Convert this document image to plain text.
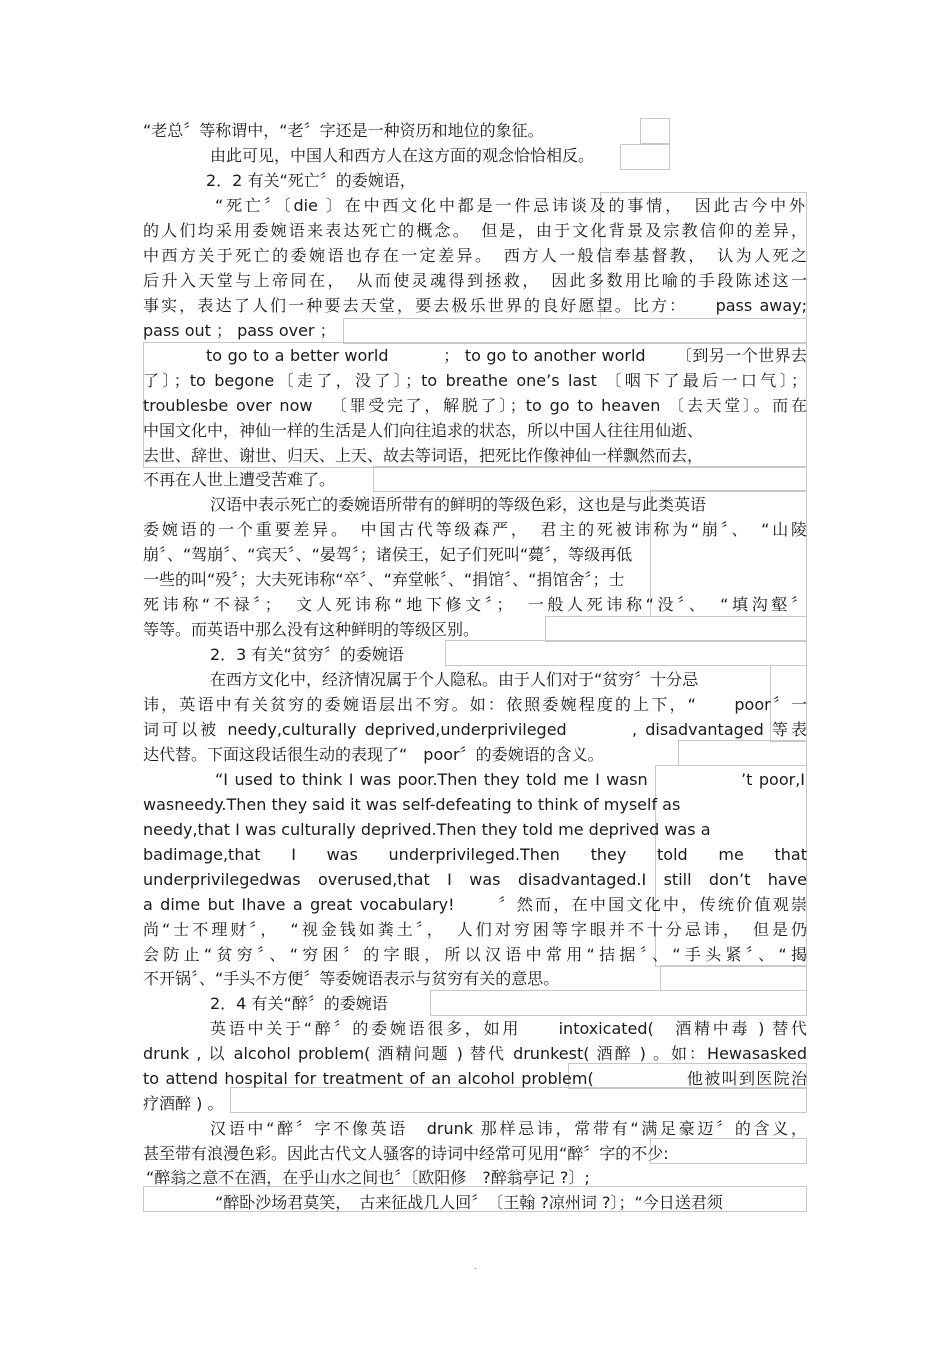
“老总〞等称谓中，“老〞字还是一种资历和地位的象征。
由此可见，中国人和西方人在这方面的观念恰恰相反。
2．2 有关“死亡〞的委婉语，
“死亡〞〔die 〕在中西文化中都是一件忌讳谈及的事情，　因此古今中外
的人们均采用委婉语来表达死亡的概念。　但是，由于文化背景及宗教信仰的差异，
中西方关于死亡的委婉语也存在一定差异。　西方人一般信奉基督教，　认为人死之
后升入天堂与上帝同在，　从而使灵魂得到拯救，　因此多数用比喻的手段陈述这一
事实，表达了人们一种要去天堂，要去极乐世界的良好愿望。比方：　　pass away;
pass out ； pass over ；
to go to a better world 　　　； to go to another world 　　〔到另一个世界去
了〕；to begone〔走了，没了〕；to breathe one’s last 〔咽下了最后一口气〕；
troublesbe over now 　〔罪受完了，解脱了〕；to go to heaven 〔去天堂〕。而在
中国文化中，神仙一样的生活是人们向往追求的状态，所以中国人往往用仙逝、
去世、辞世、谢世、归天、上天、故去等词语，把死比作像神仙一样飘然而去，
不再在人世上遭受苦难了。
汉语中表示死亡的委婉语所带有的鲜明的等级色彩，这也是与此类英语
委婉语的一个重要差异。　中国古代等级森严，　君主的死被讳称为“崩〞、　“山陵
崩〞、“驾崩〞、“宾天〞、“晏驾〞；诸侯王，妃子们死叫“薨〞，等级再低
一些的叫“殁〞；大夫死讳称“卒〞、“弃堂帐〞、“捐馆〞、“捐馆舍〞；士
死讳称“不禄〞；　文人死讳称“地下修文〞；　一般人死讳称“没〞、　“填沟壑〞
等等。而英语中那么没有这种鲜明的等级区别。
2．3 有关“贫穷〞的委婉语
在西方文化中，经济情况属于个人隐私。由于人们对于“贫穷〞十分忌
讳，英语中有关贫穷的委婉语层出不穷。如：依照委婉程度的上下，“　　poor〞一
词可以被 needy,culturally deprived,underprivileged 　　　, disadvantaged 等表
达代替。下面这段话很生动的表现了“　poor〞的委婉语的含义。
“I used to think I was poor.Then they told me I wasn 　　　　　’t poor,I
wasneedy.Then they said it was self-defeating to think of myself as
needy,that I was culturally deprived.Then they told me deprived was a
badimage,that 　I 　was 　underprivileged.Then 　they 　told 　me 　that
underprivilegedwas overused,that I was disadvantaged.I still don’t have
a dime but Ihave a great vocabulary! 　　〞然而，在中国文化中，传统价值观崇
尚“士不理财〞，　“视金钱如粪土〞，　人们对穷困等字眼并不十分忌讳，　但是仍
会防止“贫穷〞、“穷困〞的字眼，所以汉语中常用“拮据〞、“手头紧〞、“揭
不开锅〞、“手头不方便〞等委婉语表示与贫穷有关的意思。
2．4 有关“醉〞的委婉语
英语中关于“醉〞的委婉语很多，如用　　intoxicated(　酒精中毒 ) 替代
drunk , 以 alcohol problem( 酒精问题 ) 替代 drunkest( 酒醉 ) 。如：Hewasasked
to attend hospital for treatment of an alcohol problem( 　　　　　他被叫到医院治
疗酒醉 ) 。
汉语中“醉〞字不像英语　drunk 那样忌讳，常带有“满足豪迈〞的含义，
甚至带有浪漫色彩。因此古代文人骚客的诗词中经常可见用“醉〞字的不少:
“醉翁之意不在酒，在乎山水之间也〞〔欧阳修　?醉翁亭记 ?〕;
“醉卧沙场君莫笑，　古来征战几人回〞　〔王翰 ?凉州词 ?〕；“今日送君须
.
